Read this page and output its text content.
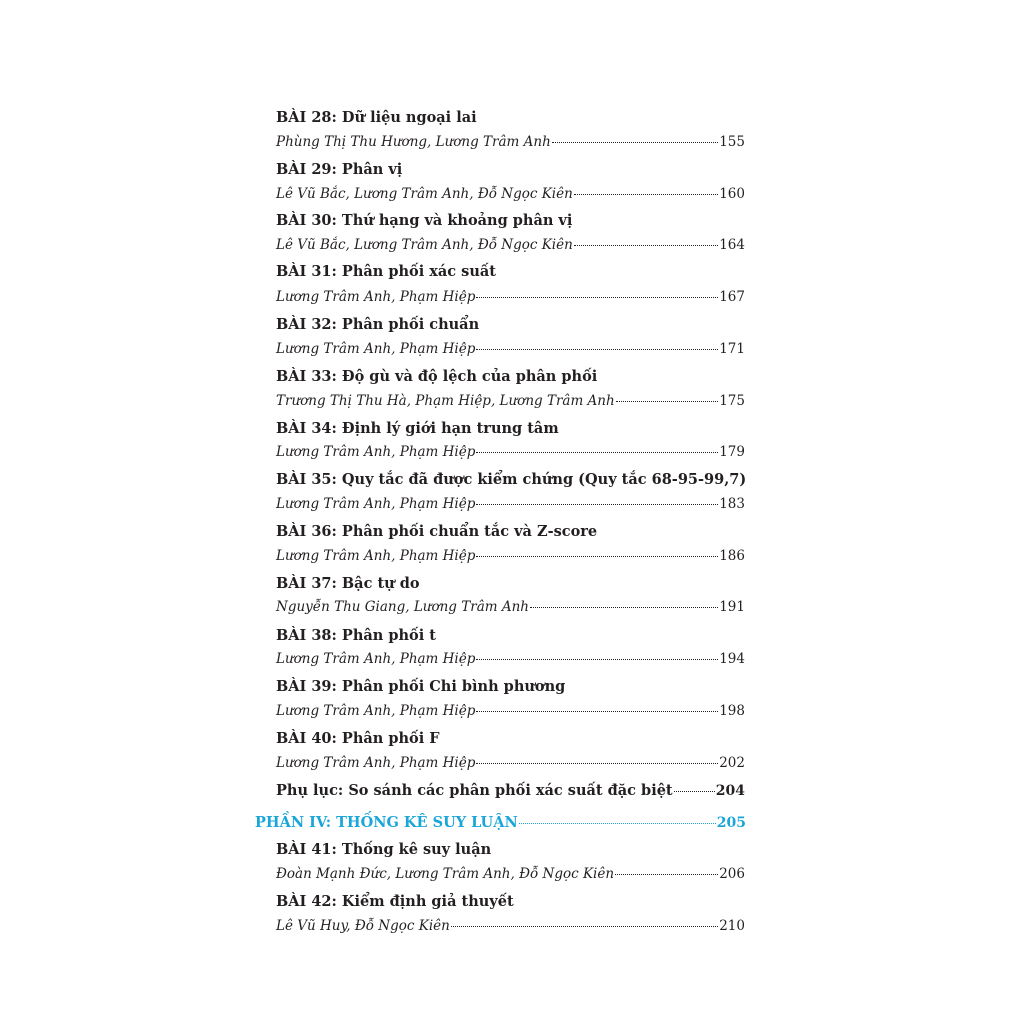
BÀI 28: Dữ liệu ngoại lai
Phùng Thị Thu Hương, Lương Trâm Anh	155
BÀI 29: Phân vị
Lê Vũ Bắc, Lương Trâm Anh, Đỗ Ngọc Kiên	160
BÀI 30: Thứ hạng và khoảng phân vị
Lê Vũ Bắc, Lương Trâm Anh, Đỗ Ngọc Kiên	164
BÀI 31: Phân phối xác suất
Lương Trâm Anh, Phạm Hiệp	167
BÀI 32: Phân phối chuẩn
Lương Trâm Anh, Phạm Hiệp	171
BÀI 33: Độ gù và độ lệch của phân phối
Trương Thị Thu Hà, Phạm Hiệp, Lương Trâm Anh	175
BÀI 34: Định lý giới hạn trung tâm
Lương Trâm Anh, Phạm Hiệp	179
BÀI 35: Quy tắc đã được kiểm chứng (Quy tắc 68-95-99,7)
Lương Trâm Anh, Phạm Hiệp	183
BÀI 36: Phân phối chuẩn tắc và Z-score
Lương Trâm Anh, Phạm Hiệp	186
BÀI 37: Bậc tự do
Nguyễn Thu Giang, Lương Trâm Anh	191
BÀI 38: Phân phối t
Lương Trâm Anh, Phạm Hiệp	194
BÀI 39: Phân phối Chi bình phương
Lương Trâm Anh, Phạm Hiệp	198
BÀI 40: Phân phối F
Lương Trâm Anh, Phạm Hiệp	202
Phụ lục: So sánh các phân phối xác suất đặc biệt	204
PHẦN IV: THỐNG KÊ SUY LUẬN	205
BÀI 41: Thống kê suy luận
Đoàn Mạnh Đức, Lương Trâm Anh, Đỗ Ngọc Kiên	206
BÀI 42: Kiểm định giả thuyết
Lê Vũ Huy, Đỗ Ngọc Kiên	210
